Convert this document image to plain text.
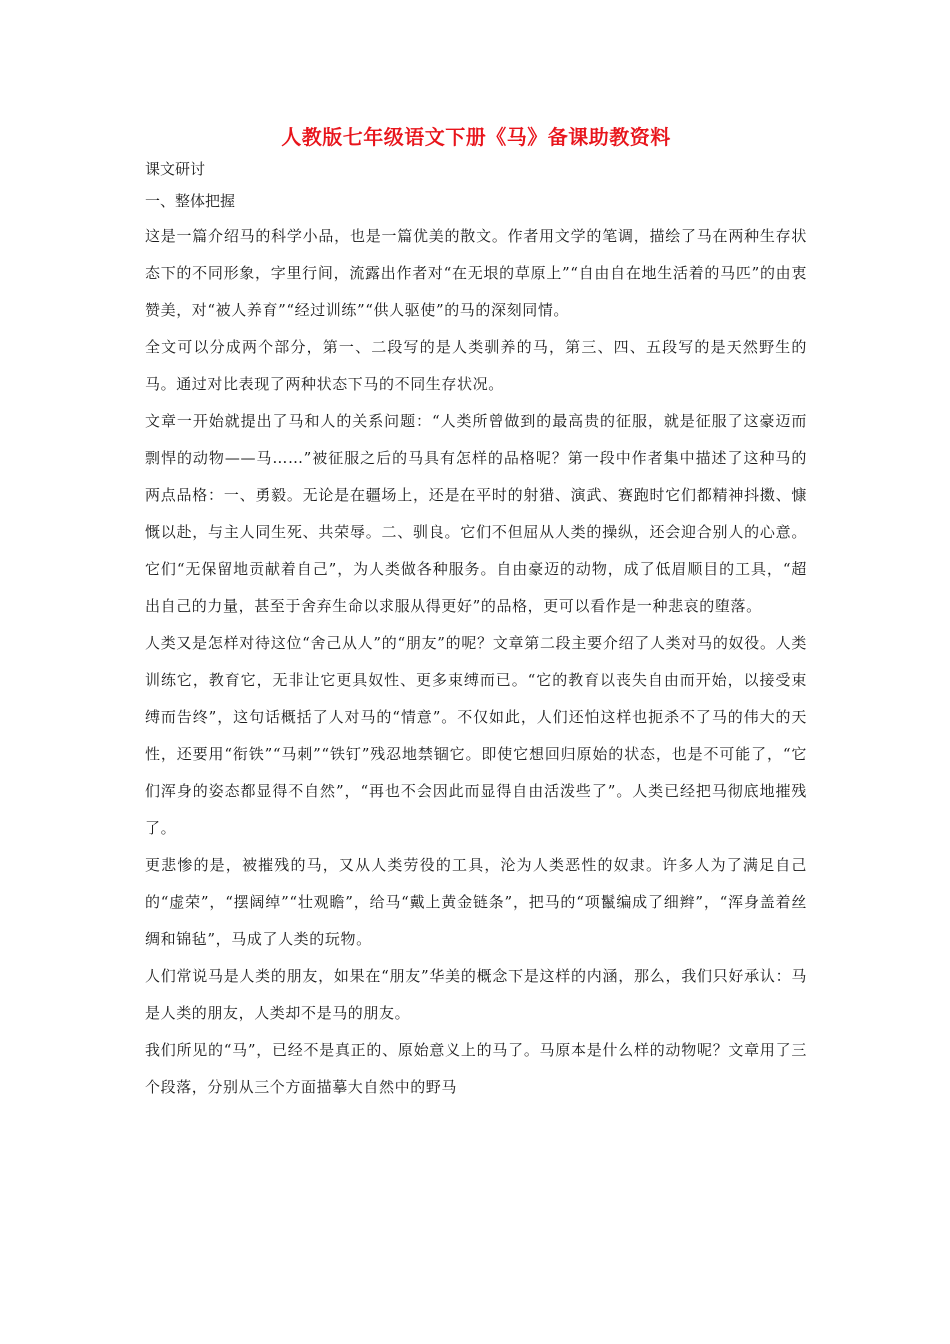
人教版七年级语文下册《马》备课助教资料

课文研讨

一、整体把握

这是一篇介绍马的科学小品，也是一篇优美的散文。作者用文学的笔调，描绘了马在两种生存状态下的不同形象，字里行间，流露出作者对“在无垠的草原上”“自由自在地生活着的马匹”的由衷赞美，对“被人养育”“经过训练”“供人驱使”的马的深刻同情。

全文可以分成两个部分，第一、二段写的是人类驯养的马，第三、四、五段写的是天然野生的马。通过对比表现了两种状态下马的不同生存状况。

文章一开始就提出了马和人的关系问题：“人类所曾做到的最高贵的征服，就是征服了这豪迈而剽悍的动物——马……”被征服之后的马具有怎样的品格呢？第一段中作者集中描述了这种马的两点品格：一、勇毅。无论是在疆场上，还是在平时的射猎、演武、赛跑时它们都精神抖擞、慷慨以赴，与主人同生死、共荣辱。二、驯良。它们不但屈从人类的操纵，还会迎合别人的心意。它们“无保留地贡献着自己”，为人类做各种服务。自由豪迈的动物，成了低眉顺目的工具，“超出自己的力量，甚至于舍弃生命以求服从得更好”的品格，更可以看作是一种悲哀的堕落。

人类又是怎样对待这位“舍己从人”的“朋友”的呢？文章第二段主要介绍了人类对马的奴役。人类训练它，教育它，无非让它更具奴性、更多束缚而已。“它的教育以丧失自由而开始，以接受束缚而告终”，这句话概括了人对马的“情意”。不仅如此，人们还怕这样也扼杀不了马的伟大的天性，还要用“衔铁”“马刺”“铁钉”残忍地禁锢它。即使它想回归原始的状态，也是不可能了，“它们浑身的姿态都显得不自然”，“再也不会因此而显得自由活泼些了”。人类已经把马彻底地摧残了。

更悲惨的是，被摧残的马，又从人类劳役的工具，沦为人类恶性的奴隶。许多人为了满足自己的“虚荣”，“摆阔绰”“壮观瞻”，给马“戴上黄金链条”，把马的“项鬣编成了细辫”，“浑身盖着丝绸和锦毡”，马成了人类的玩物。

人们常说马是人类的朋友，如果在“朋友”华美的概念下是这样的内涵，那么，我们只好承认：马是人类的朋友，人类却不是马的朋友。

我们所见的“马”，已经不是真正的、原始意义上的马了。马原本是什么样的动物呢？文章用了三个段落，分别从三个方面描摹大自然中的野马
